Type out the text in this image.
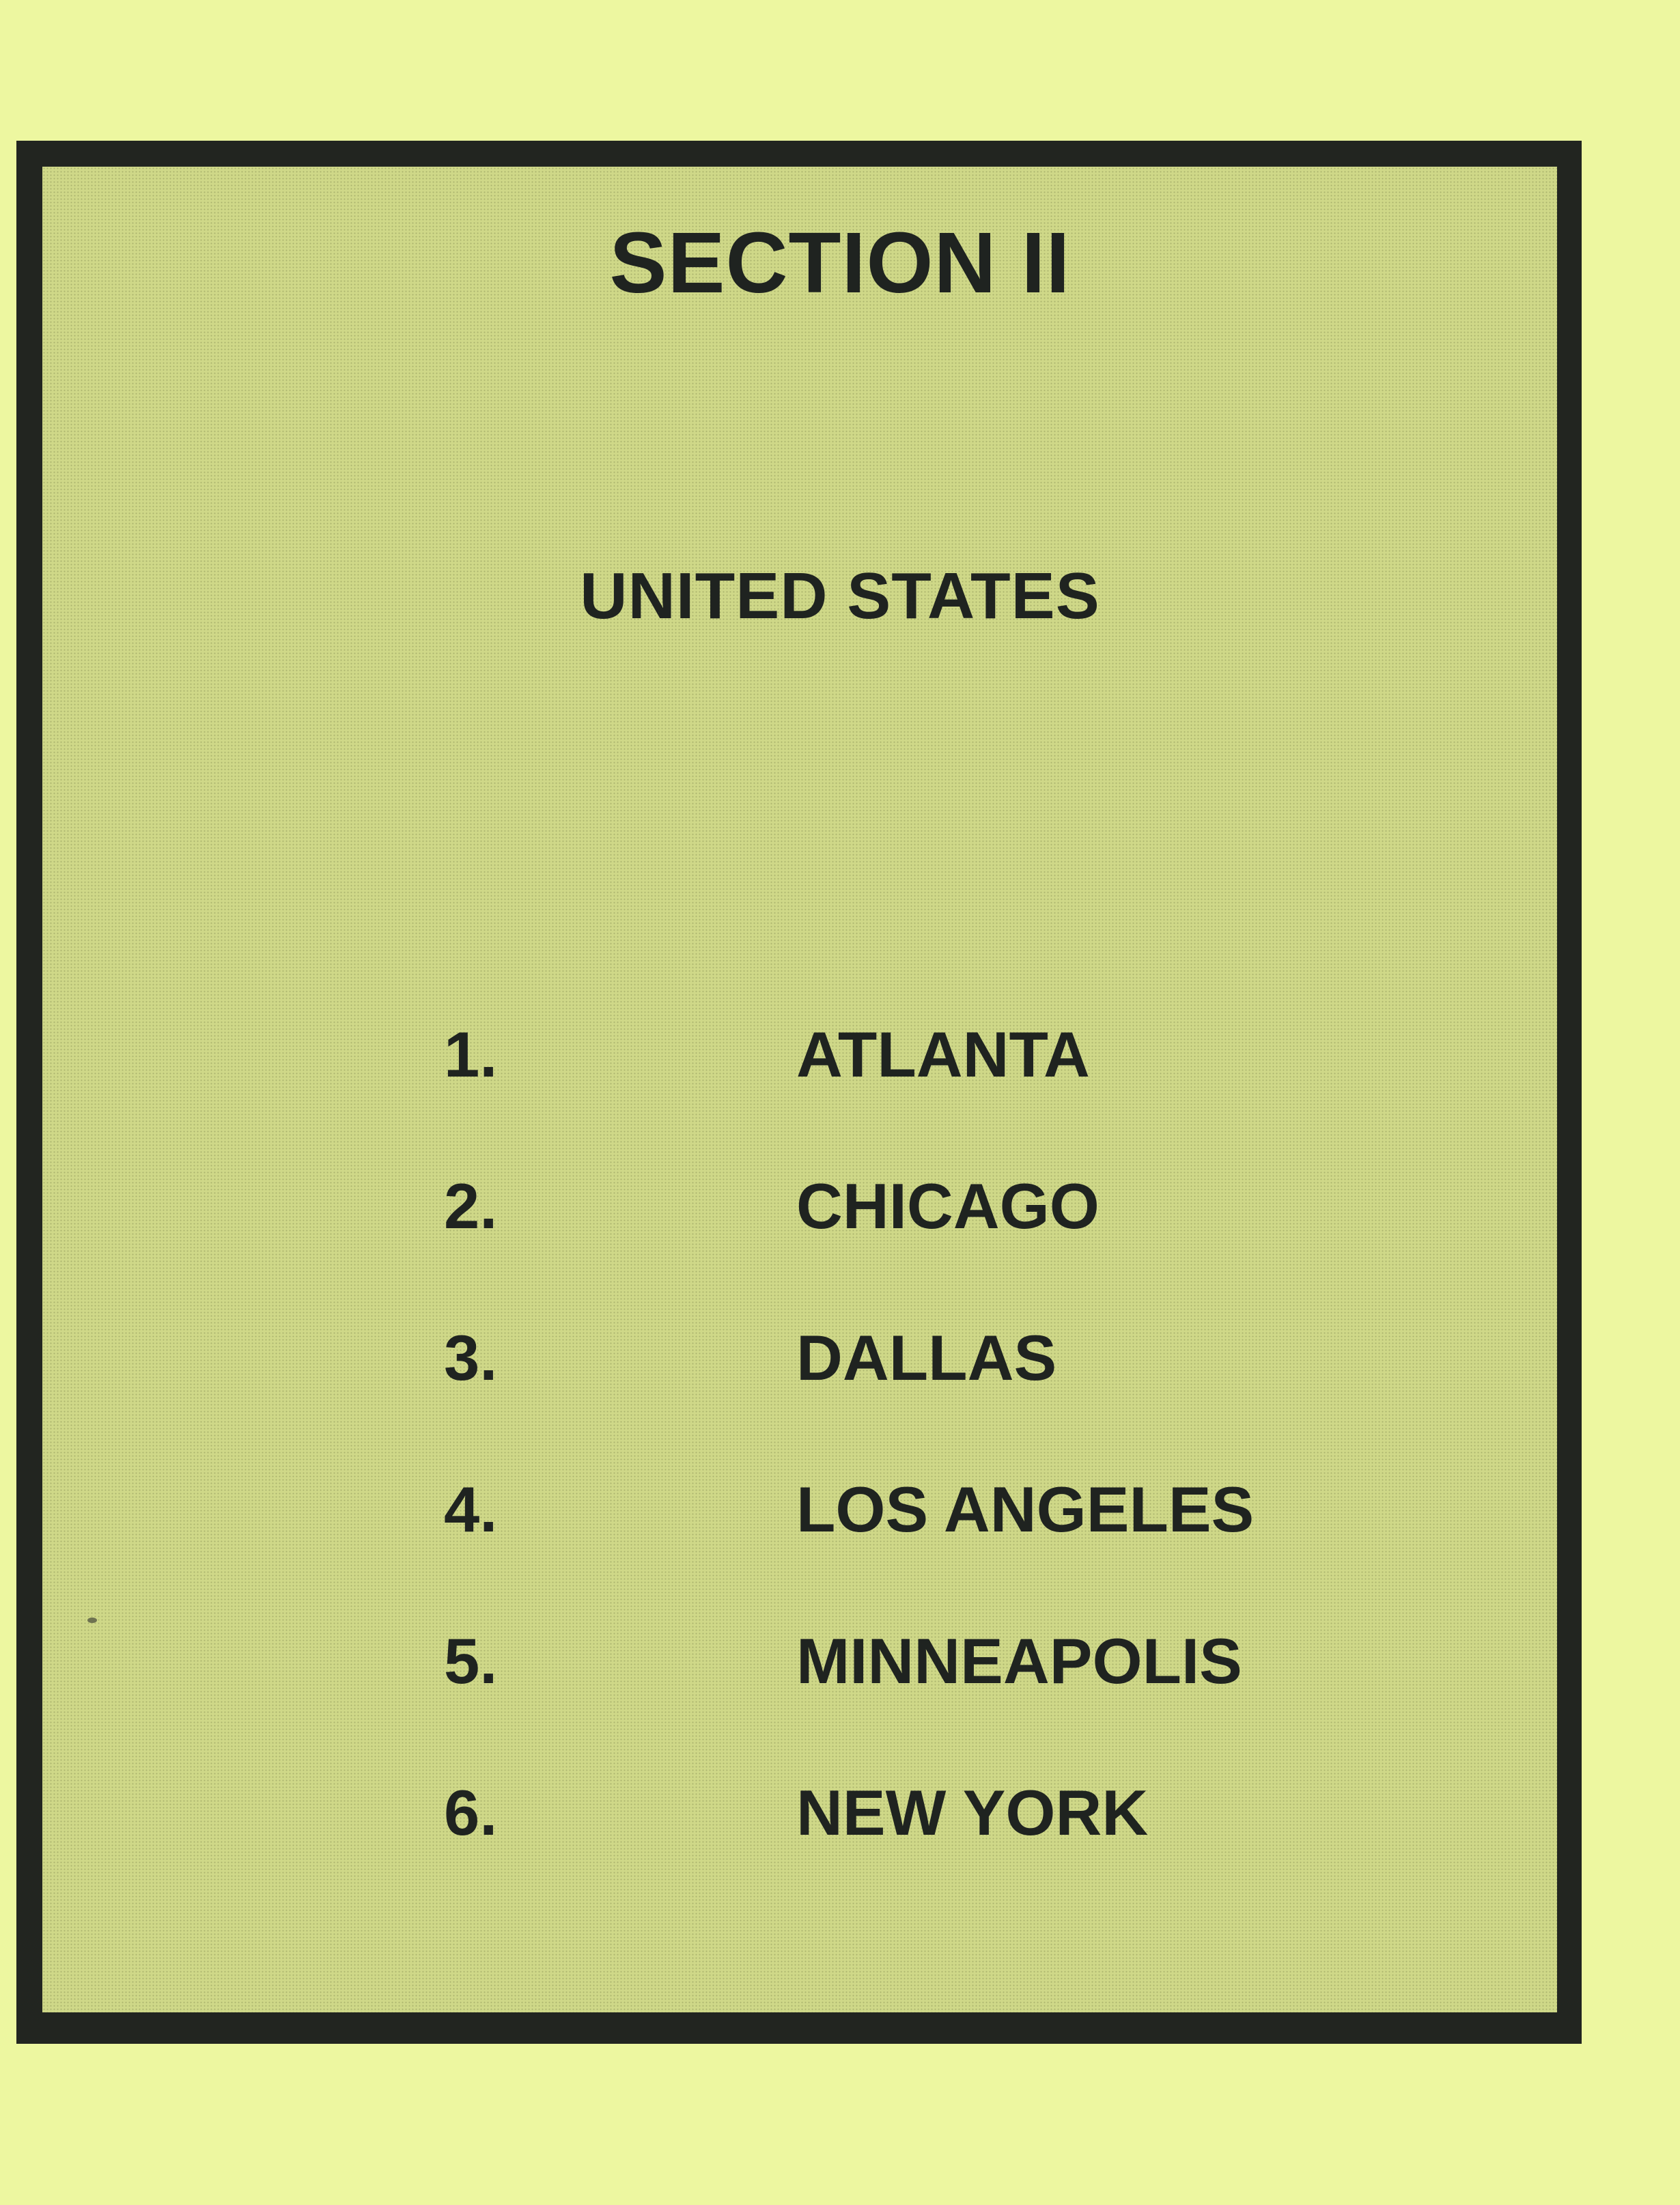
SECTION II
UNITED STATES
1.	ATLANTA
2.	CHICAGO
3.	DALLAS
4.	LOS ANGELES
5.	MINNEAPOLIS
6.	NEW YORK
